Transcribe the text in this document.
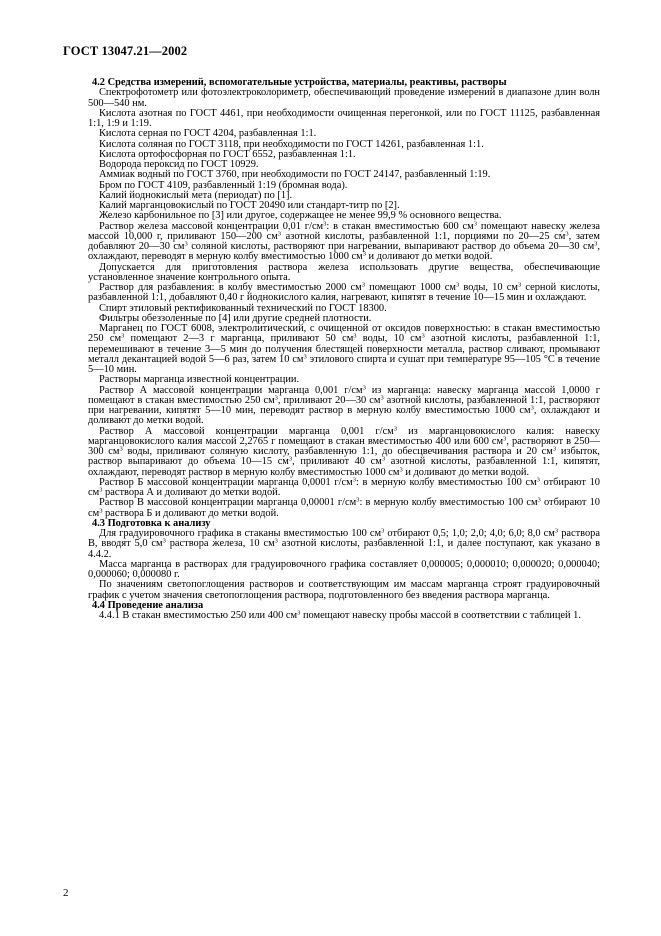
ГОСТ 13047.21—2002

4.2 Средства измерений, вспомогательные устройства, материалы, реактивы, растворы

Спектрофотометр или фотоэлектроколориметр, обеспечивающий проведение измерений в диапазоне длин волн 500—540 нм.

Кислота азотная по ГОСТ 4461, при необходимости очищенная перегонкой, или по ГОСТ 11125, разбавленная 1:1, 1:9 и 1:19.

Кислота серная по ГОСТ 4204, разбавленная 1:1.

Кислота соляная по ГОСТ 3118, при необходимости по ГОСТ 14261, разбавленная 1:1.

Кислота ортофосфорная по ГОСТ 6552, разбавленная 1:1.

Водорода пероксид по ГОСТ 10929.

Аммиак водный по ГОСТ 3760, при необходимости по ГОСТ 24147, разбавленный 1:19.

Бром по ГОСТ 4109, разбавленный 1:19 (бромная вода).

Калий йоднокислый мета (периодат) по [1].

Калий марганцовокислый по ГОСТ 20490 или стандарт-титр по [2].

Железо карбонильное по [3] или другое, содержащее не менее 99,9 % основного вещества.

Раствор железа массовой концентрации 0,01 $г/см^3$: в стакан вместимостью 600 $см^3$ помещают навеску железа массой 10,000 г, приливают 150—200 $см^3$ азотной кислоты, разбавленной 1:1, порциями по 20—25 $см^3$, затем добавляют 20—30 $см^3$ соляной кислоты, растворяют при нагревании, выпаривают раствор до объема 20—30 $см^3$, охлаждают, переводят в мерную колбу вместимостью 1000 $см^3$ и доливают до метки водой.

Допускается для приготовления раствора железа использовать другие вещества, обеспечивающие установленное значение контрольного опыта.

Раствор для разбавления: в колбу вместимостью 2000 $см^3$ помещают 1000 $см^3$ воды, 10 $см^3$ серной кислоты, разбавленной 1:1, добавляют 0,40 г йоднокислого калия, нагревают, кипятят в течение 10—15 мин и охлаждают.

Спирт этиловый ректификованный технический по ГОСТ 18300.

Фильтры обеззоленные по [4] или другие средней плотности.

Марганец по ГОСТ 6008, электролитический, с очищенной от оксидов поверхностью: в стакан вместимостью 250 $см^3$ помещают 2—3 г марганца, приливают 50 $см^3$ воды, 10 $см^3$ азотной кислоты, разбавленной 1:1, перемешивают в течение 3—5 мин до получения блестящей поверхности металла, раствор сливают, промывают металл декантацией водой 5—6 раз, затем 10 $см^3$ этилового спирта и сушат при температуре 95—105 °С в течение 5—10 мин.

Растворы марганца известной концентрации.

Раствор А массовой концентрации марганца 0,001 $г/см^3$ из марганца: навеску марганца массой 1,0000 г помещают в стакан вместимостью 250 $см^3$, приливают 20—30 $см^3$ азотной кислоты, разбавленной 1:1, растворяют при нагревании, кипятят 5—10 мин, переводят раствор в мерную колбу вместимостью 1000 $см^3$, охлаждают и доливают до метки водой.

Раствор А массовой концентрации марганца 0,001 $г/см^3$ из марганцовокислого калия: навеску марганцовокислого калия массой 2,2765 г помещают в стакан вместимостью 400 или 600 $см^3$, растворяют в 250—300 $см^3$ воды, приливают соляную кислоту, разбавленную 1:1, до обесцвечивания раствора и 20 $см^3$ избыток, раствор выпаривают до объема 10—15 $см^3$, приливают 40 $см^3$ азотной кислоты, разбавленной 1:1, кипятят, охлаждают, переводят раствор в мерную колбу вместимостью 1000 $см^3$ и доливают до метки водой.

Раствор Б массовой концентрации марганца 0,0001 $г/см^3$: в мерную колбу вместимостью 100 $см^3$ отбирают 10 $см^3$ раствора А и доливают до метки водой.

Раствор В массовой концентрации марганца 0,00001 $г/см^3$: в мерную колбу вместимостью 100 $см^3$ отбирают 10 $см^3$ раствора Б и доливают до метки водой.

4.3 Подготовка к анализу

Для градуировочного графика в стаканы вместимостью 100 $см^3$ отбирают 0,5; 1,0; 2,0; 4,0; 6,0; 8,0 $см^3$ раствора В, вводят 5,0 $см^3$ раствора железа, 10 $см^3$ азотной кислоты, разбавленной 1:1, и далее поступают, как указано в 4.4.2.

Масса марганца в растворах для градуировочного графика составляет 0,000005; 0,000010; 0,000020; 0,000040; 0,000060; 0,000080 г.

По значениям светопоглощения растворов и соответствующим им массам марганца строят градуировочный график с учетом значения светопоглощения раствора, подготовленного без введения раствора марганца.

4.4 Проведение анализа

4.4.1 В стакан вместимостью 250 или 400 $см^3$ помещают навеску пробы массой в соответствии с таблицей 1.

2
